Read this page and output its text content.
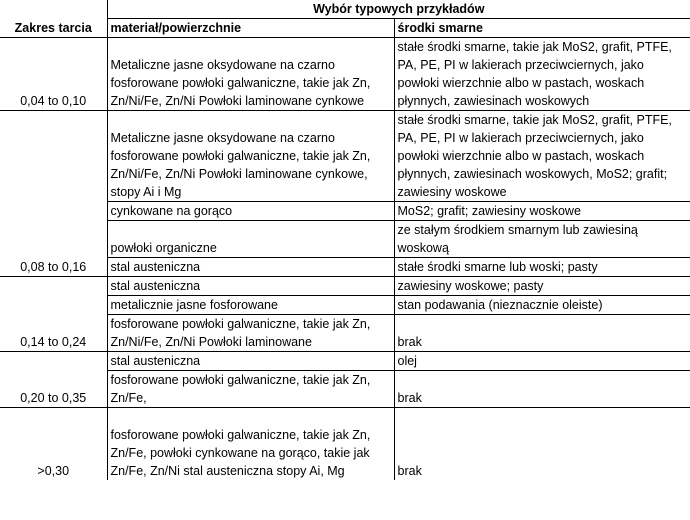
Zakres tarcia	Wybór typowych przykładów	
	materiał/powierzchnie	środki smarne
0,04 to 0,10	Metaliczne jasne oksydowane na czarno fosforowane powłoki galwaniczne, takie jak Zn, Zn/Ni/Fe, Zn/Ni Powłoki laminowane cynkowe	stałe środki smarne, takie jak MoS2, grafit, PTFE, PA, PE, PI w lakierach przeciwciernych, jako powłoki wierzchnie albo w pastach, woskach płynnych, zawiesinach woskowych
0,08 to 0,16	Metaliczne jasne oksydowane na czarno fosforowane powłoki galwaniczne, takie jak Zn, Zn/Ni/Fe, Zn/Ni Powłoki laminowane cynkowe, stopy Ai i Mg	stałe środki smarne, takie jak MoS2, grafit, PTFE, PA, PE, PI w lakierach przeciwciernych, jako powłoki wierzchnie albo w pastach, woskach płynnych, zawiesinach woskowych, MoS2; grafit; zawiesiny woskowe
	cynkowane na gorąco	MoS2; grafit; zawiesiny woskowe
	powłoki organiczne	ze stałym środkiem smarnym lub zawiesiną woskową
	stal austeniczna	stałe środki smarne lub woski; pasty
0,14 to 0,24	stal austeniczna	zawiesiny woskowe; pasty
	metalicznie jasne fosforowane	stan podawania (nieznacznie oleiste)
	fosforowane powłoki galwaniczne, takie jak Zn, Zn/Ni/Fe, Zn/Ni Powłoki laminowane	brak
0,20 to 0,35	stal austeniczna	olej
	fosforowane powłoki galwaniczne, takie jak Zn, Zn/Fe,	brak
>0,30	fosforowane powłoki galwaniczne, takie jak Zn, Zn/Fe, powłoki cynkowane na gorąco, takie jak Zn/Fe, Zn/Ni stal austeniczna stopy Ai, Mg	brak
